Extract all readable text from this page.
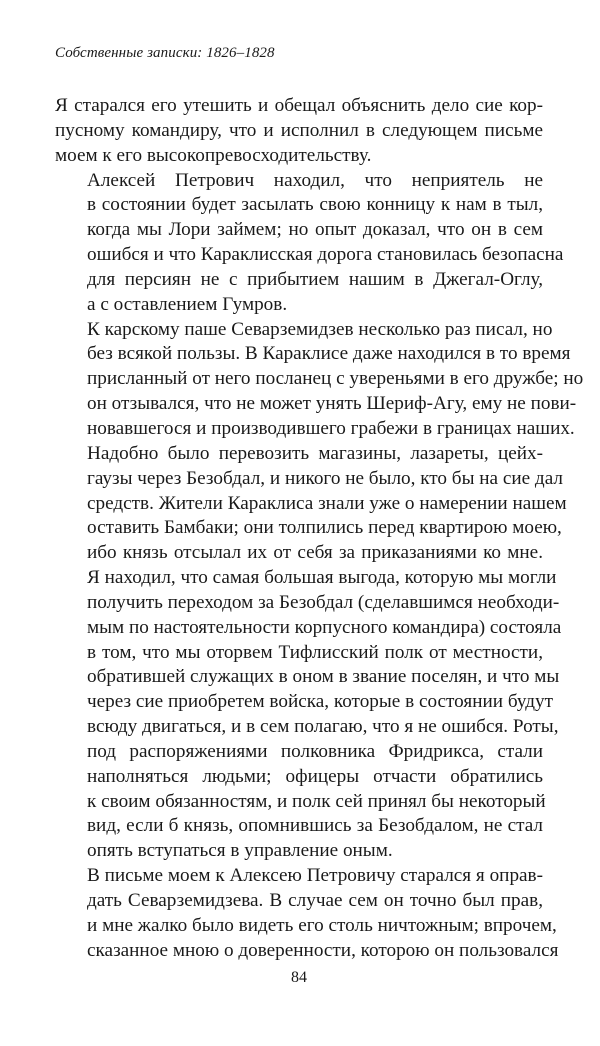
Собственные записки: 1826–1828

Я старался его утешить и обещал объяснить дело сие кор-
пусному командиру, что и исполнил в следующем письме
моем к его высокопревосходительству.

Алексей Петрович находил, что неприятель не
в состоянии будет засылать свою конницу к нам в тыл,
когда мы Лори займем; но опыт доказал, что он в сем
ошибся и что Караклисская дорога становилась безопасна
для персиян не с прибытием нашим в Джегал-Оглу,
а с оставлением Гумров.

К карскому паше Севарземидзев несколько раз писал, но
без всякой пользы. В Караклисе даже находился в то время
присланный от него посланец с увереньями в его дружбе; но
он отзывался, что не может унять Шериф-Агу, ему не пови-
новавшегося и производившего грабежи в границах наших.

Надобно было перевозить магазины, лазареты, цейх-
гаузы через Безобдал, и никого не было, кто бы на сие дал
средств. Жители Караклиса знали уже о намерении нашем
оставить Бамбаки; они толпились перед квартирою моею,
ибо князь отсылал их от себя за приказаниями ко мне.
Я находил, что самая большая выгода, которую мы могли
получить переходом за Безобдал (сделавшимся необходи-
мым по настоятельности корпусного командира) состояла
в том, что мы оторвем Тифлисский полк от местности,
обратившей служащих в оном в звание поселян, и что мы
через сие приобретем войска, которые в состоянии будут
всюду двигаться, и в сем полагаю, что я не ошибся. Роты,
под распоряжениями полковника Фридрикса, стали
наполняться людьми; офицеры отчасти обратились
к своим обязанностям, и полк сей принял бы некоторый
вид, если б князь, опомнившись за Безобдалом, не стал
опять вступаться в управление оным.

В письме моем к Алексею Петровичу старался я оправ-
дать Севарземидзева. В случае сем он точно был прав,
и мне жалко было видеть его столь ничтожным; впрочем,
сказанное мною о доверенности, которою он пользовался

84
